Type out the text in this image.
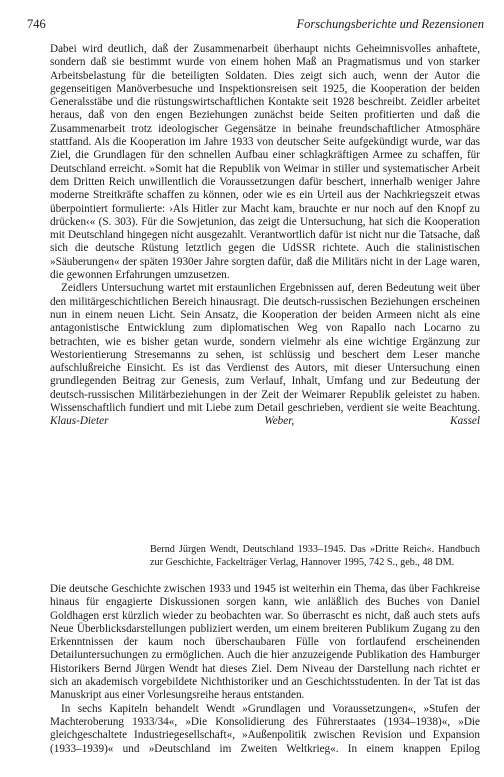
746	Forschungsberichte und Rezensionen

Dabei wird deutlich, daß der Zusammenarbeit überhaupt nichts Geheimnisvolles anhaftete, sondern daß sie bestimmt wurde von einem hohen Maß an Pragmatismus und von starker Arbeitsbelastung für die beteiligten Soldaten. Dies zeigt sich auch, wenn der Autor die gegenseitigen Manöverbesuche und Inspektionsreisen seit 1925, die Kooperation der beiden Generalsstäbe und die rüstungswirtschaftlichen Kontakte seit 1928 beschreibt. Zeidler arbeitet heraus, daß von den engen Beziehungen zunächst beide Seiten profitierten und daß die Zusammenarbeit trotz ideologischer Gegensätze in beinahe freundschaftlicher Atmosphäre stattfand. Als die Kooperation im Jahre 1933 von deutscher Seite aufgekündigt wurde, war das Ziel, die Grundlagen für den schnellen Aufbau einer schlagkräftigen Armee zu schaffen, für Deutschland erreicht. »Somit hat die Republik von Weimar in stiller und systematischer Arbeit dem Dritten Reich unwillentlich die Voraussetzungen dafür beschert, innerhalb weniger Jahre moderne Streitkräfte schaffen zu können, oder wie es ein Urteil aus der Nachkriegszeit etwas überpointiert formulierte: ›Als Hitler zur Macht kam, brauchte er nur noch auf den Knopf zu drücken‹« (S. 303). Für die Sowjetunion, das zeigt die Untersuchung, hat sich die Kooperation mit Deutschland hingegen nicht ausgezahlt. Verantwortlich dafür ist nicht nur die Tatsache, daß sich die deutsche Rüstung letztlich gegen die UdSSR richtete. Auch die stalinistischen »Säuberungen« der späten 1930er Jahre sorgten dafür, daß die Militärs nicht in der Lage waren, die gewonnen Erfahrungen umzusetzen.

Zeidlers Untersuchung wartet mit erstaunlichen Ergebnissen auf, deren Bedeutung weit über den militärgeschichtlichen Bereich hinausragt. Die deutsch-russischen Beziehungen erscheinen nun in einem neuen Licht. Sein Ansatz, die Kooperation der beiden Armeen nicht als eine antagonistische Entwicklung zum diplomatischen Weg von Rapallo nach Locarno zu betrachten, wie es bisher getan wurde, sondern vielmehr als eine wichtige Ergänzung zur Westorientierung Stresemanns zu sehen, ist schlüssig und beschert dem Leser manche aufschlußreiche Einsicht. Es ist das Verdienst des Autors, mit dieser Untersuchung einen grundlegenden Beitrag zur Genesis, zum Verlauf, Inhalt, Umfang und zur Bedeutung der deutsch-russischen Militärbeziehungen in der Zeit der Weimarer Republik geleistet zu haben. Wissenschaftlich fundiert und mit Liebe zum Detail geschrieben, verdient sie weite Beachtung. Klaus-Dieter Weber, Kassel

Bernd Jürgen Wendt, Deutschland 1933–1945. Das »Dritte Reich«. Handbuch zur Geschichte, Fackelträger Verlag, Hannover 1995, 742 S., geb., 48 DM.

Die deutsche Geschichte zwischen 1933 und 1945 ist weiterhin ein Thema, das über Fachkreise hinaus für engagierte Diskussionen sorgen kann, wie anläßlich des Buches von Daniel Goldhagen erst kürzlich wieder zu beobachten war. So überrascht es nicht, daß auch stets aufs Neue Überblicksdarstellungen publiziert werden, um einem breiteren Publikum Zugang zu den Erkenntnissen der kaum noch überschaubaren Fülle von fortlaufend erscheinenden Detailuntersuchungen zu ermöglichen. Auch die hier anzuzeigende Publikation des Hamburger Historikers Bernd Jürgen Wendt hat dieses Ziel. Dem Niveau der Darstellung nach richtet er sich an akademisch vorgebildete Nichthistoriker und an Geschichtsstudenten. In der Tat ist das Manuskript aus einer Vorlesungsreihe heraus entstanden.

In sechs Kapiteln behandelt Wendt »Grundlagen und Voraussetzungen«, »Stufen der Machteroberung 1933/34«, »Die Konsolidierung des Führerstaates (1934–1938)«, »Die gleichgeschaltete Industriegesellschaft«, »Außenpolitik zwischen Revision und Expansion (1933–1939)« und »Deutschland im Zweiten Weltkrieg«. In einem knappen Epilog
